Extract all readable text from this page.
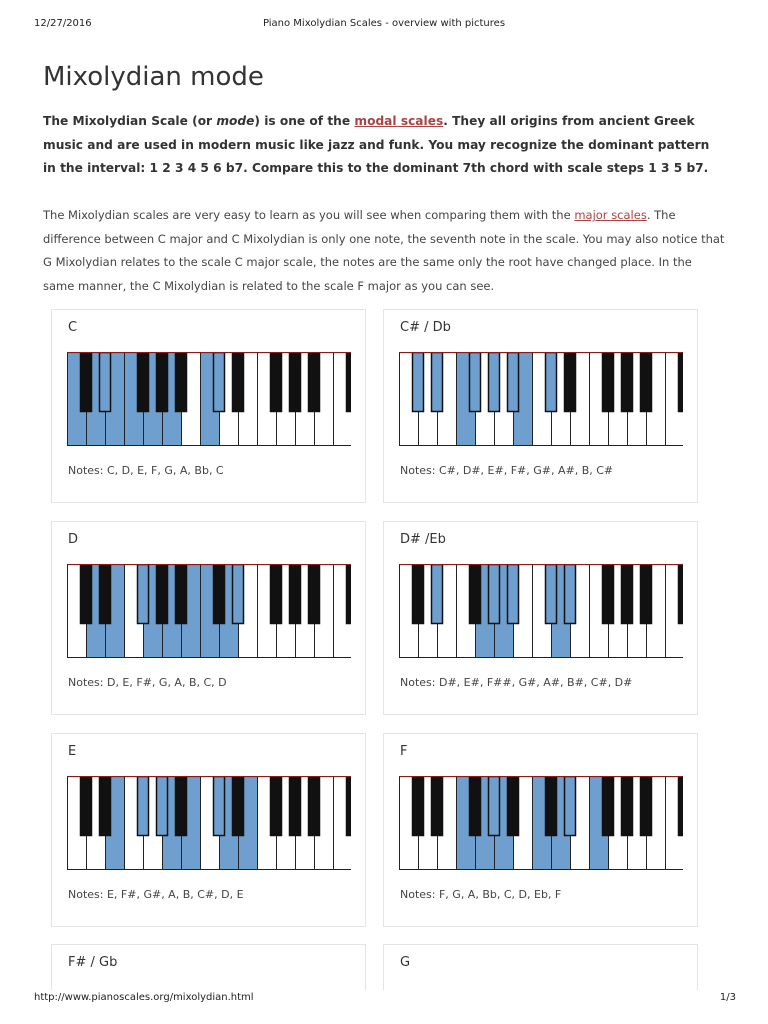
12/27/2016	Piano Mixolydian Scales - overview with pictures
Mixolydian mode

The Mixolydian Scale (or mode) is one of the modal scales. They all origins from ancient Greek music and are used in modern music like jazz and funk. You may recognize the dominant pattern in the interval: 1 2 3 4 5 6 b7. Compare this to the dominant 7th chord with scale steps 1 3 5 b7.

The Mixolydian scales are very easy to learn as you will see when comparing them with the major scales. The difference between C major and C Mixolydian is only one note, the seventh note in the scale. You may also notice that G Mixolydian relates to the scale C major scale, the notes are the same only the root have changed place. In the same manner, the C Mixolydian is related to the scale F major as you can see.

C
Notes: C, D, E, F, G, A, Bb, C
C# / Db
Notes: C#, D#, E#, F#, G#, A#, B, C#
D
Notes: D, E, F#, G, A, B, C, D
D# /Eb
Notes: D#, E#, F##, G#, A#, B#, C#, D#
E
Notes: E, F#, G#, A, B, C#, D, E
F
Notes: F, G, A, Bb, C, D, Eb, F
F# / Gb	G
http://www.pianoscales.org/mixolydian.html	1/3
